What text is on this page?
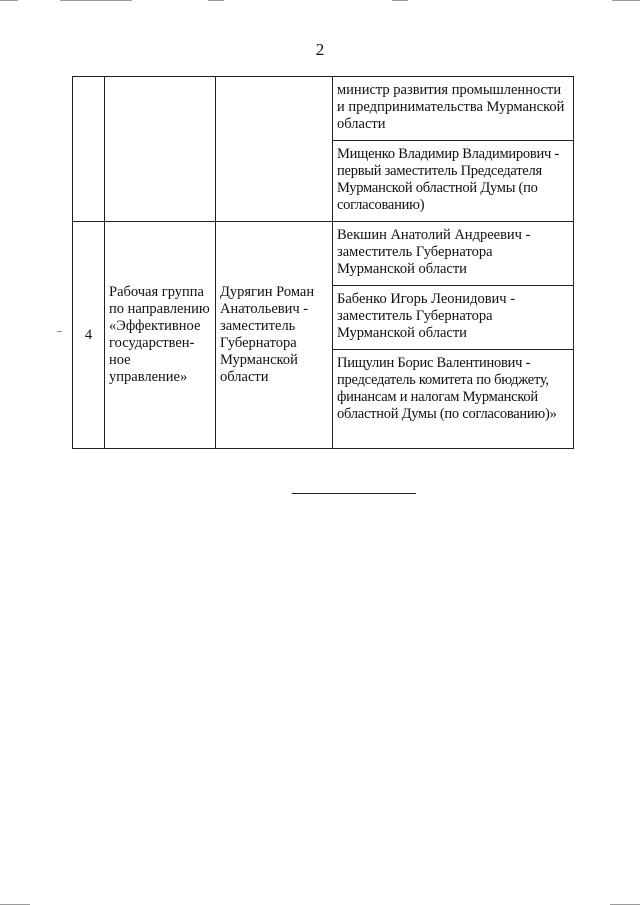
2
			министр развития промышленности и предпринимательства Мурманской области
			Мищенко Владимир Владимирович - первый заместитель Председателя Мурманской областной Думы (по согласованию)
4	Рабочая группа по направлению «Эффективное государствен-ное управление»	Дурягин Роман Анатольевич - заместитель Губернатора Мурманской области	Векшин Анатолий Андреевич - заместитель Губернатора Мурманской области
			Бабенко Игорь Леонидович - заместитель Губернатора Мурманской области
			Пищулин Борис Валентинович - председатель комитета по бюджету, финансам и налогам Мурманской областной Думы (по согласованию)»
